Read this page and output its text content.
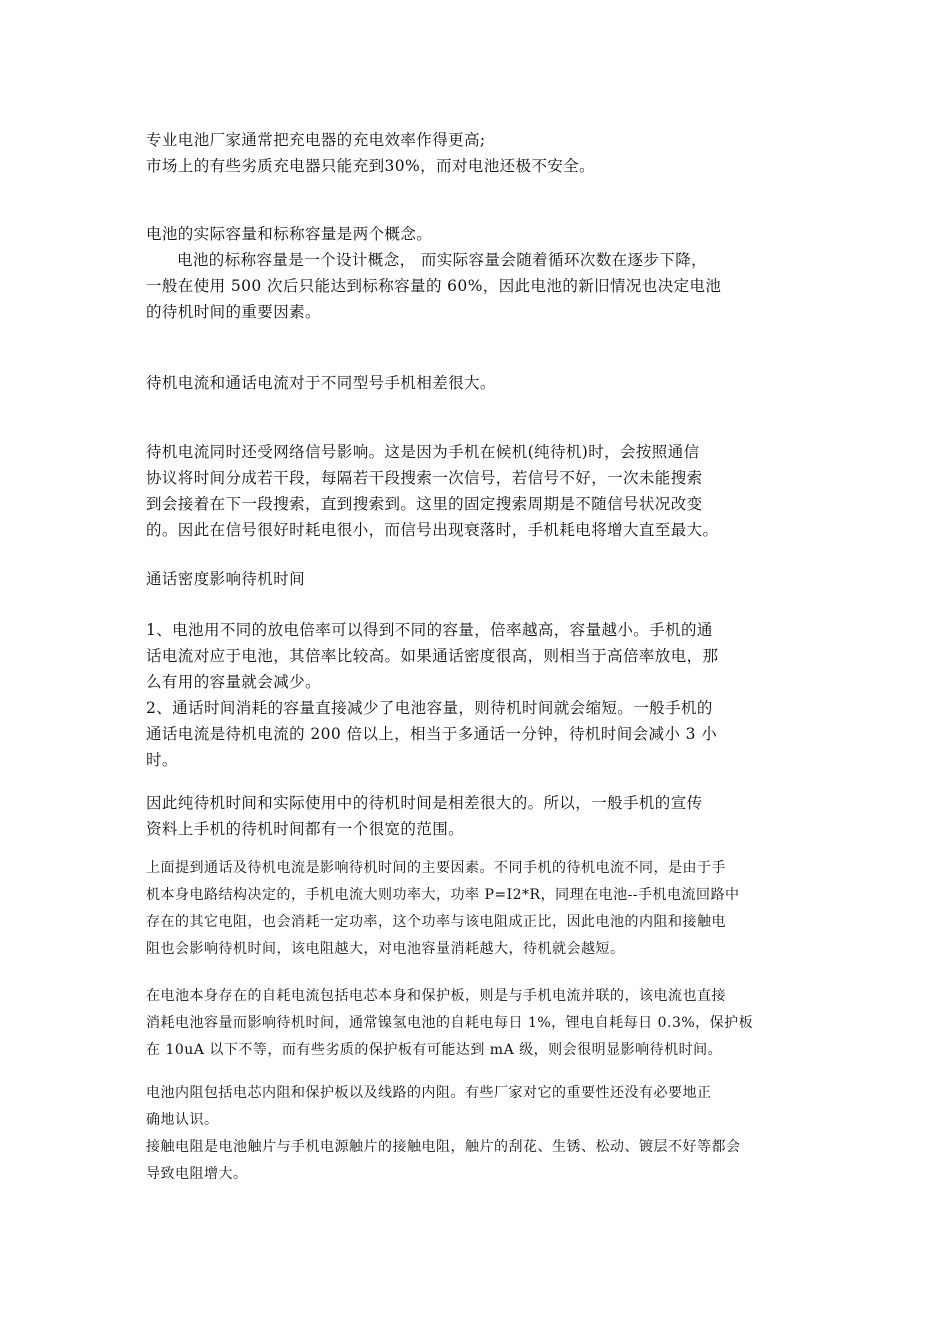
专业电池厂家通常把充电器的充电效率作得更高;
市场上的有些劣质充电器只能充到30%，而对电池还极不安全。
电池的实际容量和标称容量是两个概念。
电池的标称容量是一个设计概念， 而实际容量会随着循环次数在逐步下降，
一般在使用 500 次后只能达到标称容量的 60%，因此电池的新旧情况也决定电池
的待机时间的重要因素。
待机电流和通话电流对于不同型号手机相差很大。
待机电流同时还受网络信号影响。这是因为手机在候机(纯待机)时，会按照通信
协议将时间分成若干段，每隔若干段搜索一次信号，若信号不好，一次未能搜索
到会接着在下一段搜索，直到搜索到。这里的固定搜索周期是不随信号状况改变
的。因此在信号很好时耗电很小，而信号出现衰落时，手机耗电将增大直至最大。
通话密度影响待机时间
1、电池用不同的放电倍率可以得到不同的容量，倍率越高，容量越小。手机的通
话电流对应于电池，其倍率比较高。如果通话密度很高，则相当于高倍率放电，那
么有用的容量就会减少。
2、通话时间消耗的容量直接减少了电池容量，则待机时间就会缩短。一般手机的
通话电流是待机电流的 200 倍以上，相当于多通话一分钟，待机时间会减小 3 小
时。
因此纯待机时间和实际使用中的待机时间是相差很大的。所以，一般手机的宣传
资料上手机的待机时间都有一个很宽的范围。
上面提到通话及待机电流是影响待机时间的主要因素。不同手机的待机电流不同，是由于手
机本身电路结构决定的，手机电流大则功率大，功率 P=I2*R，同理在电池--手机电流回路中
存在的其它电阻，也会消耗一定功率，这个功率与该电阻成正比，因此电池的内阻和接触电
阻也会影响待机时间，该电阻越大，对电池容量消耗越大，待机就会越短。
在电池本身存在的自耗电流包括电芯本身和保护板，则是与手机电流并联的，该电流也直接
消耗电池容量而影响待机时间，通常镍氢电池的自耗电每日 1%，锂电自耗每日 0.3%，保护板
在 10uA 以下不等，而有些劣质的保护板有可能达到 mA 级，则会很明显影响待机时间。
电池内阻包括电芯内阻和保护板以及线路的内阻。有些厂家对它的重要性还没有必要地正
确地认识。
接触电阻是电池触片与手机电源触片的接触电阻，触片的刮花、生锈、松动、镀层不好等都会
导致电阻增大。
